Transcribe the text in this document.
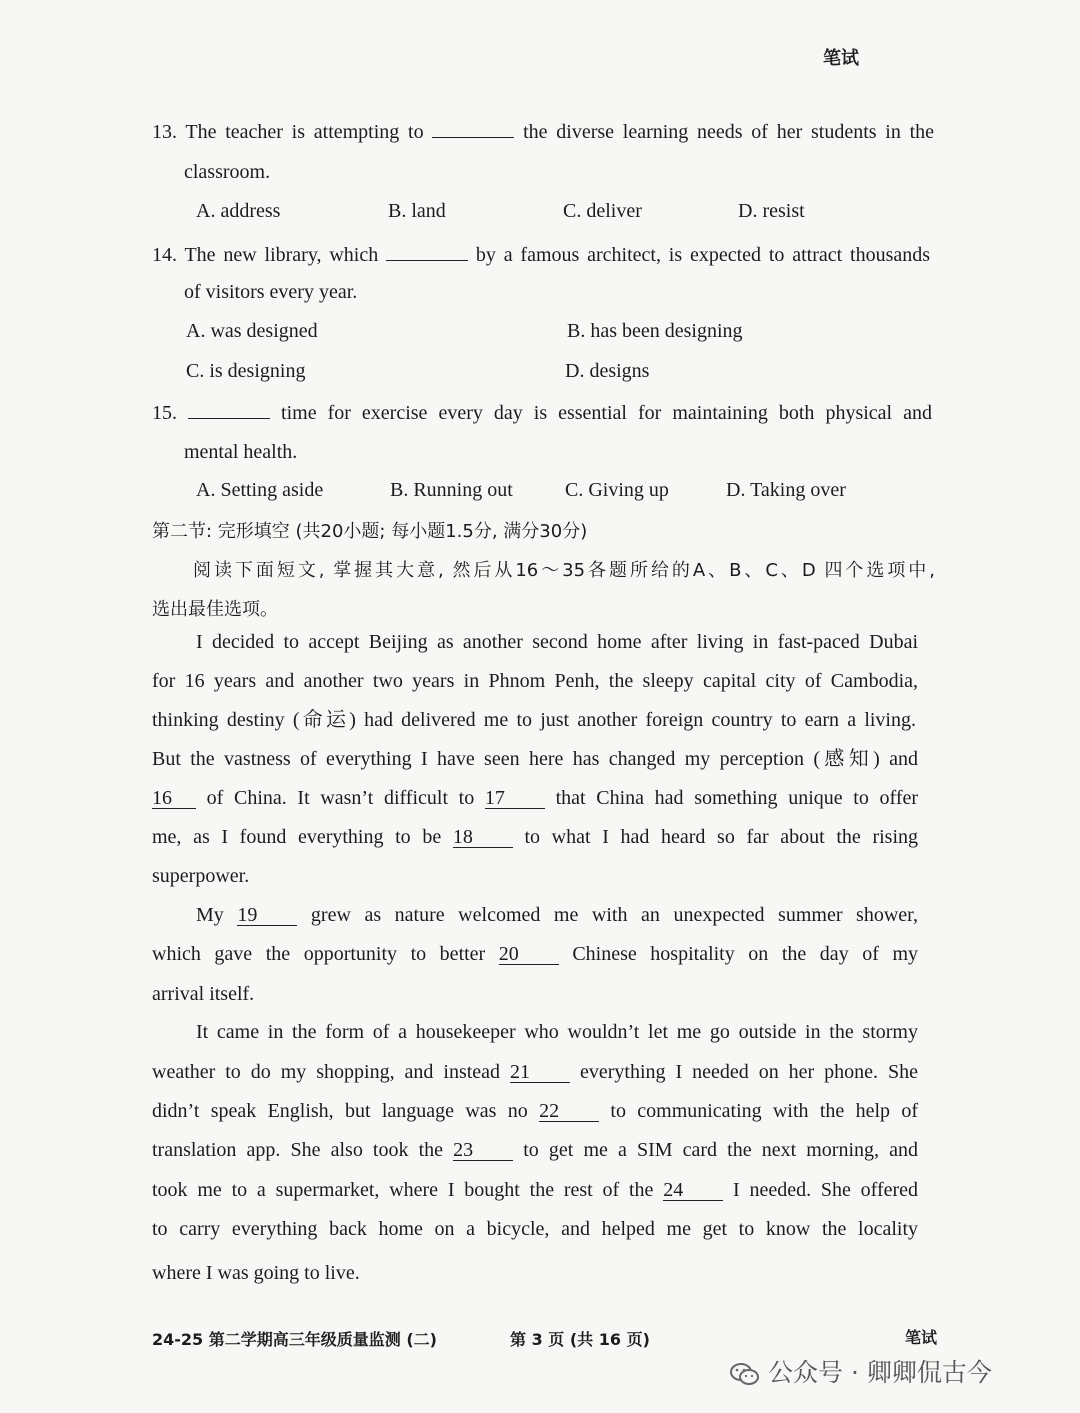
笔试
13. The teacher is attempting to	the diverse learning needs of her students in the
classroom.
A. address	B. land	C. deliver	D. resist
14. The new library, which	by a famous architect, is expected to attract thousands
of visitors every year.
A. was designed	B. has been designing
C. is designing	D. designs
15.	time for exercise every day is essential for maintaining both physical and
mental health.
A. Setting aside	B. Running out	C. Giving up	D. Taking over
第二节: 完形填空 (共20小题; 每小题1.5分, 满分30分)
阅读下面短文, 掌握其大意, 然后从16～35各题所给的A、B、C、D 四个选项中,
选出最佳选项。
I decided to accept Beijing as another second home after living in fast-paced Dubai
for 16 years and another two years in Phnom Penh, the sleepy capital city of Cambodia,
thinking destiny (命运) had delivered me to just another foreign country to earn a living.
But the vastness of everything I have seen here has changed my perception (感知) and
16 of China. It wasn’t difficult to 17	that China had something unique to offer
me, as I found everything to be 18	to what I had heard so far about the rising
superpower.
My 19	grew as nature welcomed me with an unexpected summer shower,
which gave the opportunity to better 20	Chinese hospitality on the day of my
arrival itself.
It came in the form of a housekeeper who wouldn’t let me go outside in the stormy
weather to do my shopping, and instead 21 everything I needed on her phone. She
didn’t speak English, but language was no 22	to communicating with the help of
translation app. She also took the 23	to get me a SIM card the next morning, and
took me to a supermarket, where I bought the rest of the 24 I needed. She offered
to carry everything back home on a bicycle, and helped me get to know the locality
where I was going to live.
24-25 第二学期高三年级质量监测 (二)	第 3 页 (共 16 页)	笔试
公众号 · 卿卿侃古今
